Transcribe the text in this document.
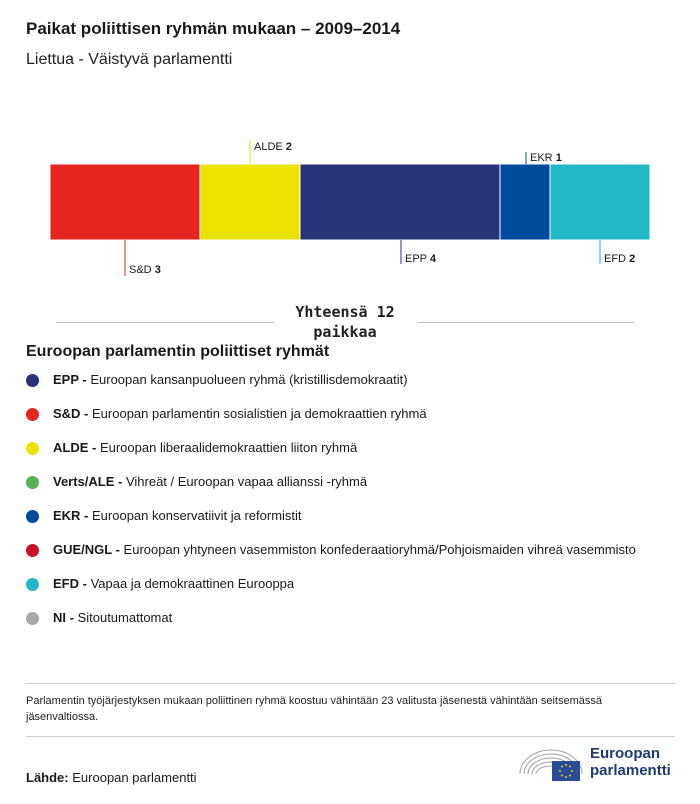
Paikat poliittisen ryhmän mukaan – 2009–2014
Liettua - Väistyvä parlamentti
S&D 3
ALDE 2
EPP 4
EKR 1
EFD 2
Yhteensä 12
paikkaa
Euroopan parlamentin poliittiset ryhmät
EPP - Euroopan kansanpuolueen ryhmä (kristillisdemokraatit)
S&D - Euroopan parlamentin sosialistien ja demokraattien ryhmä
ALDE - Euroopan liberaalidemokraattien liiton ryhmä
Verts/ALE - Vihreät / Euroopan vapaa allianssi -ryhmä
EKR - Euroopan konservatiivit ja reformistit
GUE/NGL - Euroopan yhtyneen vasemmiston konfederaatioryhmä/Pohjoismaiden vihreä vasemmisto
EFD - Vapaa ja demokraattinen Eurooppa
NI - Sitoutumattomat
Parlamentin työjärjestyksen mukaan poliittinen ryhmä koostuu vähintään 23 valitusta jäsenestä vähintään seitsemässä jäsenvaltiossa.
Lähde: Euroopan parlamentti
Euroopan
parlamentti
